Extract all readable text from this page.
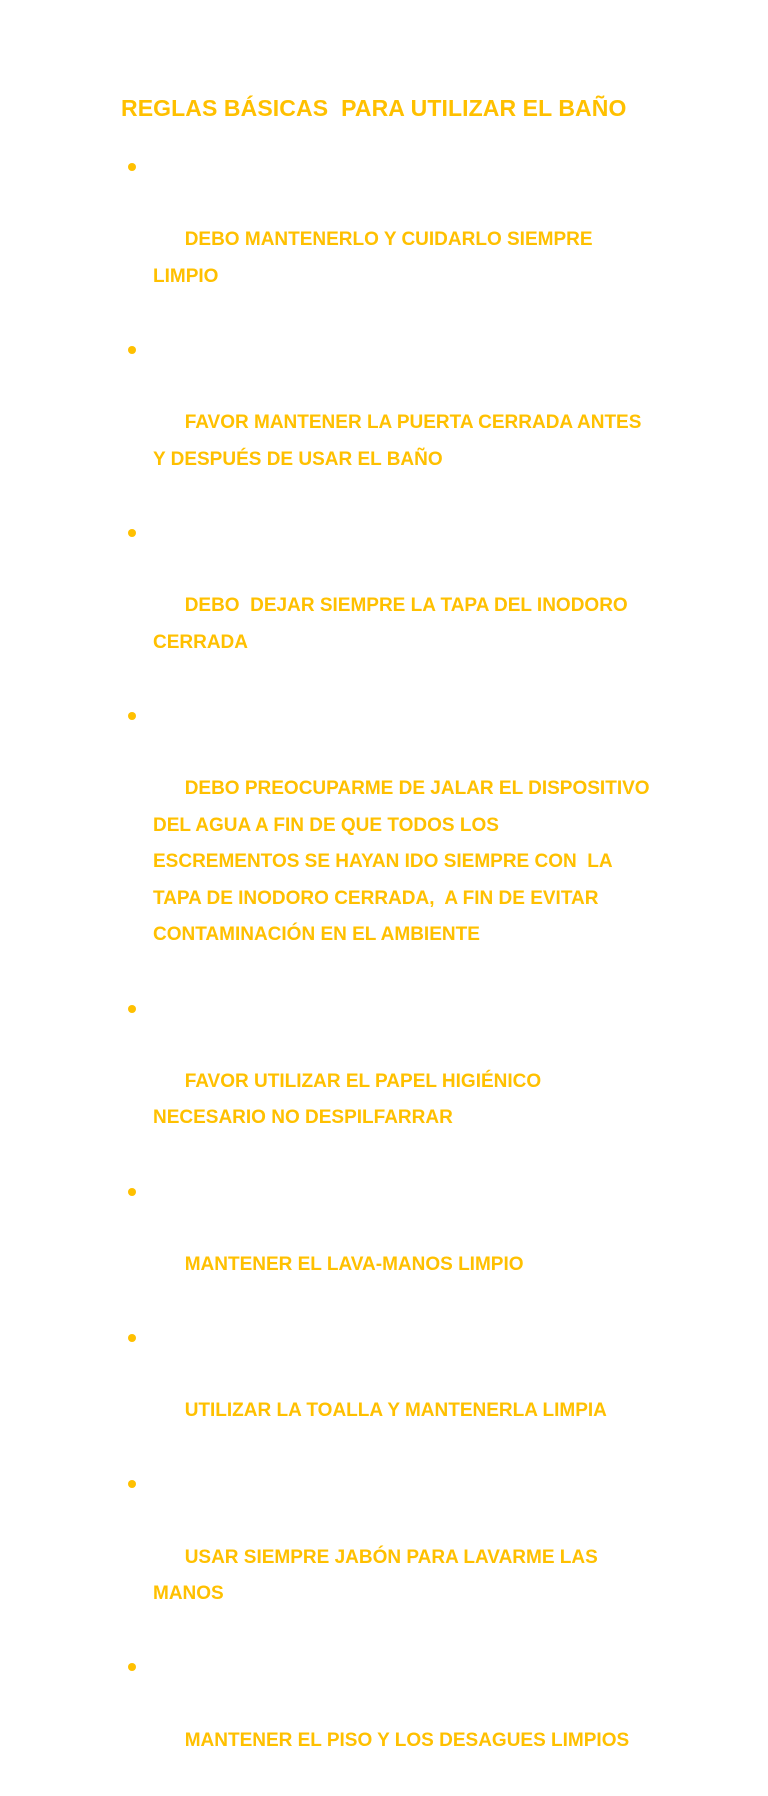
REGLAS BÁSICAS  PARA UTILIZAR EL BAÑO

DEBO MANTENERLO Y CUIDARLO SIEMPRE
LIMPIO

FAVOR MANTENER LA PUERTA CERRADA ANTES
Y DESPUÉS DE USAR EL BAÑO

DEBO  DEJAR SIEMPRE LA TAPA DEL INODORO
CERRADA

DEBO PREOCUPARME DE JALAR EL DISPOSITIVO
DEL AGUA A FIN DE QUE TODOS LOS
ESCREMENTOS SE HAYAN IDO SIEMPRE CON  LA
TAPA DE INODORO CERRADA,  A FIN DE EVITAR
CONTAMINACIÓN EN EL AMBIENTE

FAVOR UTILIZAR EL PAPEL HIGIÉNICO
NECESARIO NO DESPILFARRAR

MANTENER EL LAVA-MANOS LIMPIO

UTILIZAR LA TOALLA Y MANTENERLA LIMPIA

USAR SIEMPRE JABÓN PARA LAVARME LAS
MANOS

MANTENER EL PISO Y LOS DESAGUES LIMPIOS
